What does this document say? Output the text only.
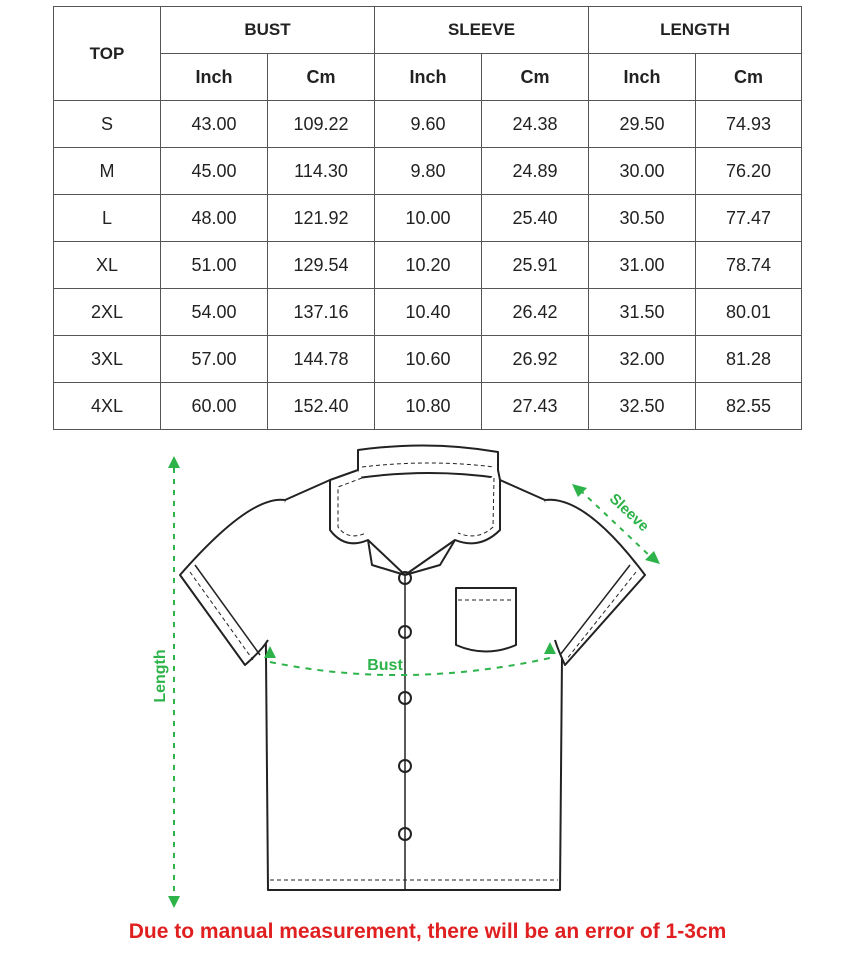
TOP	BUST		SLEEVE		LENGTH	
	Inch	Cm	Inch	Cm	Inch	Cm
S	43.00	109.22	9.60	24.38	29.50	74.93
M	45.00	114.30	9.80	24.89	30.00	76.20
L	48.00	121.92	10.00	25.40	30.50	77.47
XL	51.00	129.54	10.20	25.91	31.00	78.74
2XL	54.00	137.16	10.40	26.42	31.50	80.01
3XL	57.00	144.78	10.60	26.92	32.00	81.28
4XL	60.00	152.40	10.80	27.43	32.50	82.55
Length	Bust
Sleeve
Due to manual measurement, there will be an error of 1-3cm
